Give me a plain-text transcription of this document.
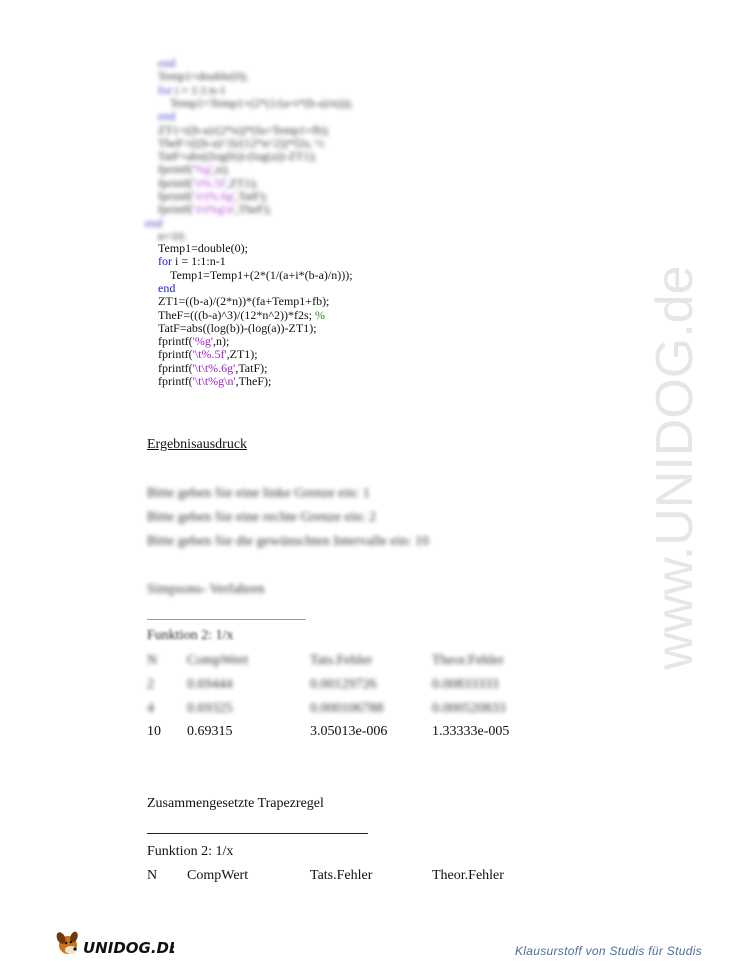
end
Temp1=double(0);
for i = 1:1:n-1
Temp1=Temp1+(2*(1/(a+i*(b-a)/n)));
end
ZT1=((b-a)/(2*n))*(fa+Temp1+fb);
TheF=(((b-a)^3)/(12*n^2))*f2s; %
TatF=abs((log(b))-(log(a))-ZT1);
fprintf('%g',n);
fprintf('\t%.5f',ZT1);
fprintf('\t\t%.6g',TatF);
fprintf('\t\t%g\n',TheF);
end
n=10;
Temp1=double(0);
for i = 1:1:n-1
Temp1=Temp1+(2*(1/(a+i*(b-a)/n)));
end
ZT1=((b-a)/(2*n))*(fa+Temp1+fb);
TheF=(((b-a)^3)/(12*n^2))*f2s; %
TatF=abs((log(b))-(log(a))-ZT1);
fprintf('%g',n);
fprintf('\t%.5f',ZT1);
fprintf('\t\t%.6g',TatF);
fprintf('\t\t%g\n',TheF);
Ergebnisausdruck
Bitte geben Sie eine linke Grenze ein: 1
Bitte geben Sie eine rechte Grenze ein: 2
Bitte geben Sie die gewünschten Intervalle ein: 10
Simpsons- Verfahren
Funktion 2: 1/x
N CompWert	Tats.Fehler	Theor.Fehler
2 0.69444	0.00129726	0.00833333
4 0.69325	0.000106788	0.000520833
10 0.69315	3.05013e-006	1.33333e-005
Zusammengesetzte Trapezregel
Funktion 2: 1/x
N CompWert	Tats.Fehler	Theor.Fehler
www.UNIDOG.de
UNIDOG.DE	Klausurstoff von Studis für Studis
